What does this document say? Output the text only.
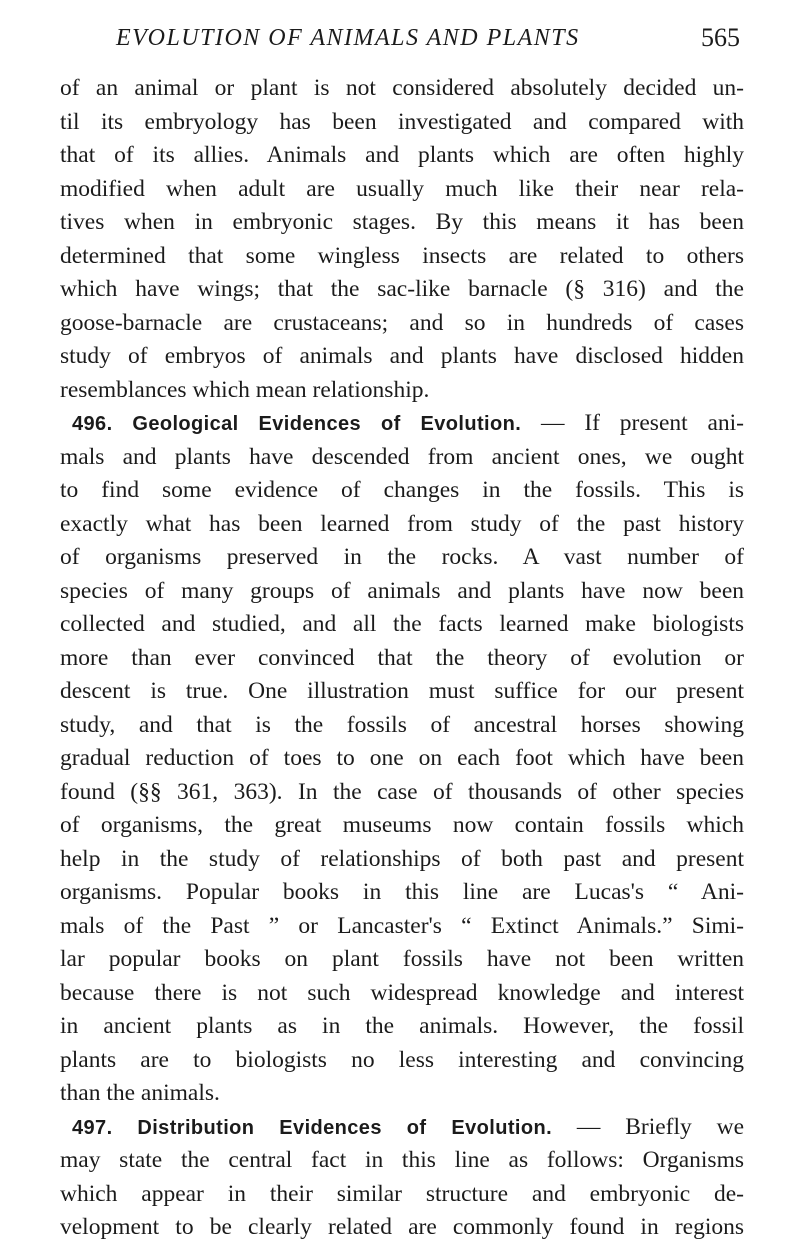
EVOLUTION OF ANIMALS AND PLANTS	565
of an animal or plant is not considered absolutely decided un-
til its embryology has been investigated and compared with
that of its allies. Animals and plants which are often highly
modified when adult are usually much like their near rela-
tives when in embryonic stages. By this means it has been
determined that some wingless insects are related to others
which have wings; that the sac-like barnacle (§ 316) and the
goose-barnacle are crustaceans; and so in hundreds of cases
study of embryos of animals and plants have disclosed hidden
resemblances which mean relationship.
496. Geological Evidences of Evolution. — If present ani-
mals and plants have descended from ancient ones, we ought
to find some evidence of changes in the fossils. This is
exactly what has been learned from study of the past history
of organisms preserved in the rocks. A vast number of
species of many groups of animals and plants have now been
collected and studied, and all the facts learned make biologists
more than ever convinced that the theory of evolution or
descent is true. One illustration must suffice for our present
study, and that is the fossils of ancestral horses showing
gradual reduction of toes to one on each foot which have been
found (§§ 361, 363). In the case of thousands of other species
of organisms, the great museums now contain fossils which
help in the study of relationships of both past and present
organisms. Popular books in this line are Lucas's “ Ani-
mals of the Past ” or Lancaster's “ Extinct Animals.” Simi-
lar popular books on plant fossils have not been written
because there is not such widespread knowledge and interest
in ancient plants as in the animals. However, the fossil
plants are to biologists no less interesting and convincing
than the animals.
497. Distribution Evidences of Evolution. — Briefly we
may state the central fact in this line as follows: Organisms
which appear in their similar structure and embryonic de-
velopment to be clearly related are commonly found in regions
